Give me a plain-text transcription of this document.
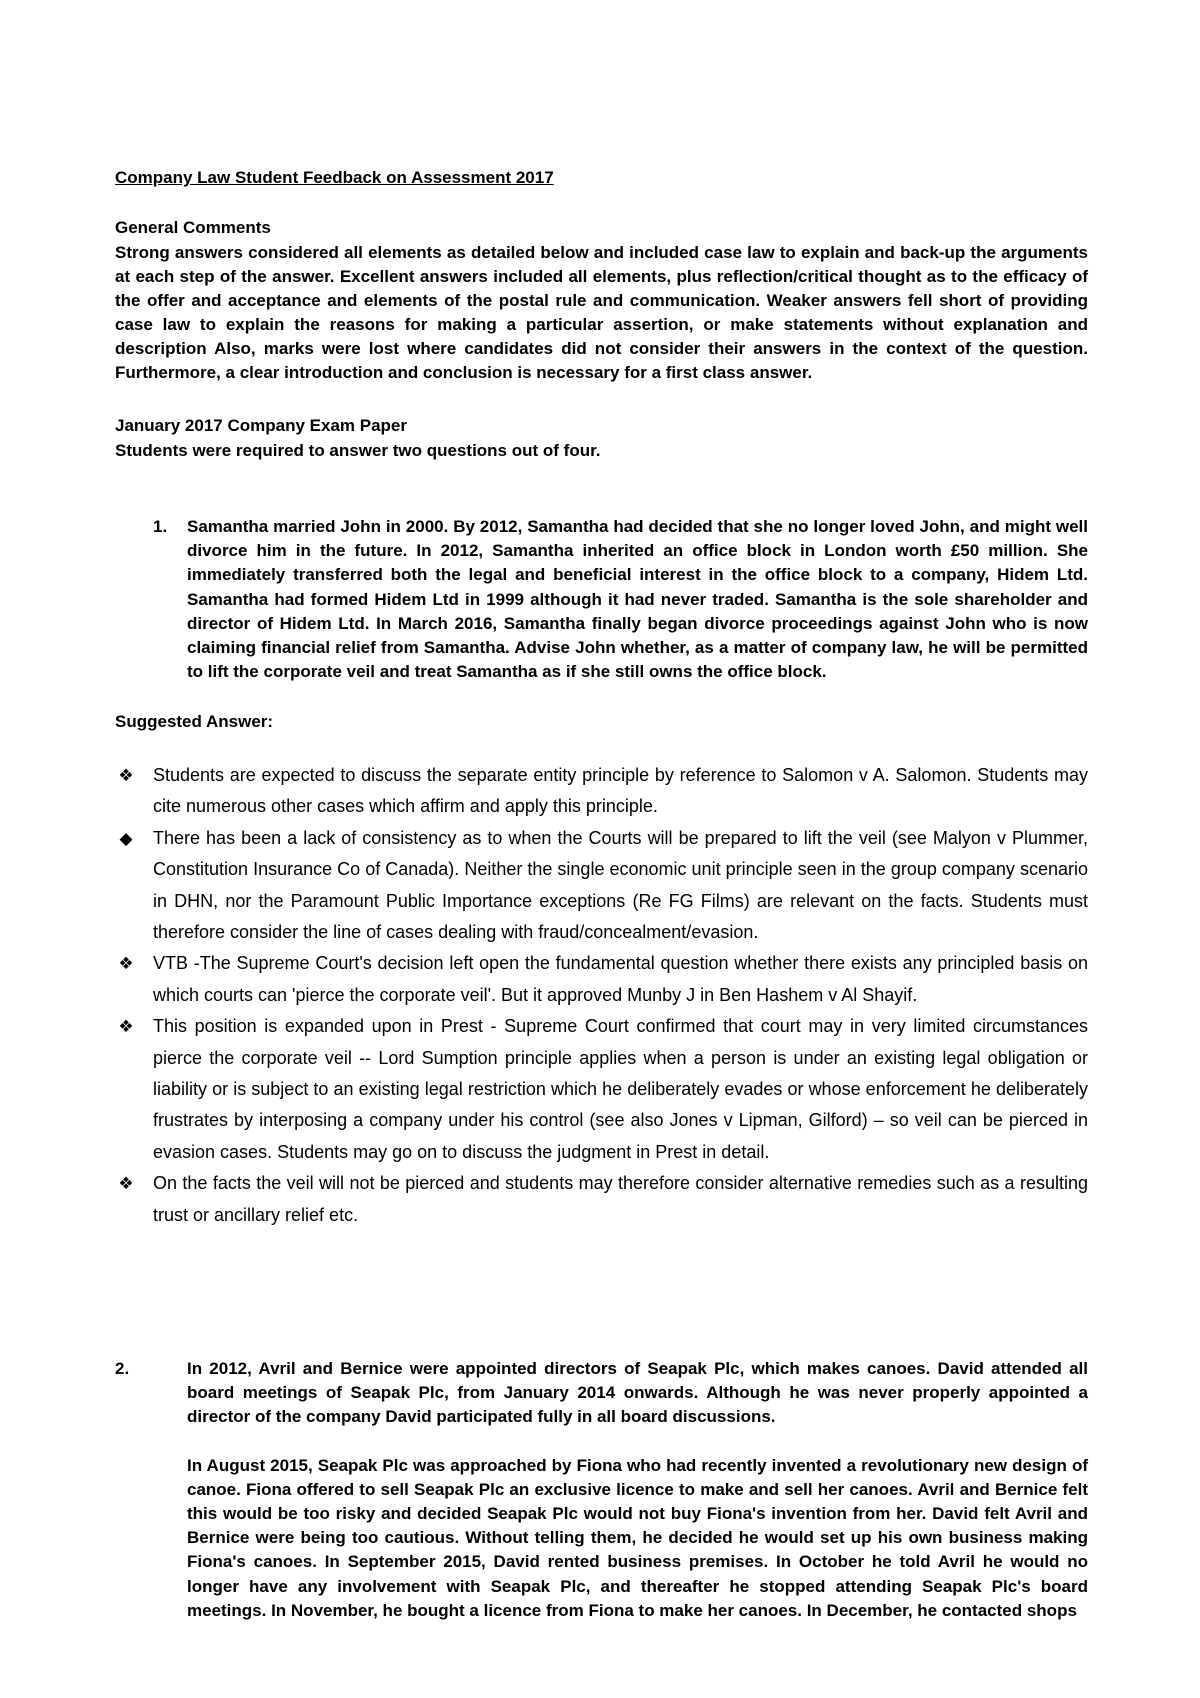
Company Law Student Feedback on Assessment 2017
General Comments
Strong answers considered all elements as detailed below and included case law to explain and back-up the arguments at each step of the answer. Excellent answers included all elements, plus reflection/critical thought as to the efficacy of the offer and acceptance and elements of the postal rule and communication. Weaker answers fell short of providing case law to explain the reasons for making a particular assertion, or make statements without explanation and description Also, marks were lost where candidates did not consider their answers in the context of the question. Furthermore, a clear introduction and conclusion is necessary for a first class answer.
January 2017 Company Exam Paper
Students were required to answer two questions out of four.
1. Samantha married John in 2000. By 2012, Samantha had decided that she no longer loved John, and might well divorce him in the future. In 2012, Samantha inherited an office block in London worth £50 million. She immediately transferred both the legal and beneficial interest in the office block to a company, Hidem Ltd. Samantha had formed Hidem Ltd in 1999 although it had never traded. Samantha is the sole shareholder and director of Hidem Ltd. In March 2016, Samantha finally began divorce proceedings against John who is now claiming financial relief from Samantha. Advise John whether, as a matter of company law, he will be permitted to lift the corporate veil and treat Samantha as if she still owns the office block.
Suggested Answer:
❖ Students are expected to discuss the separate entity principle by reference to Salomon v A. Salomon. Students may cite numerous other cases which affirm and apply this principle.
◆ There has been a lack of consistency as to when the Courts will be prepared to lift the veil (see Malyon v Plummer, Constitution Insurance Co of Canada). Neither the single economic unit principle seen in the group company scenario in DHN, nor the Paramount Public Importance exceptions (Re FG Films) are relevant on the facts. Students must therefore consider the line of cases dealing with fraud/concealment/evasion.
❖ VTB -The Supreme Court's decision left open the fundamental question whether there exists any principled basis on which courts can 'pierce the corporate veil'. But it approved Munby J in Ben Hashem v Al Shayif.
❖ This position is expanded upon in Prest - Supreme Court confirmed that court may in very limited circumstances pierce the corporate veil -- Lord Sumption principle applies when a person is under an existing legal obligation or liability or is subject to an existing legal restriction which he deliberately evades or whose enforcement he deliberately frustrates by interposing a company under his control (see also Jones v Lipman, Gilford) – so veil can be pierced in evasion cases. Students may go on to discuss the judgment in Prest in detail.
❖ On the facts the veil will not be pierced and students may therefore consider alternative remedies such as a resulting trust or ancillary relief etc.
2.	In 2012, Avril and Bernice were appointed directors of Seapak Plc, which makes canoes. David attended all board meetings of Seapak Plc, from January 2014 onwards. Although he was never properly appointed a director of the company David participated fully in all board discussions.
In August 2015, Seapak Plc was approached by Fiona who had recently invented a revolutionary new design of canoe. Fiona offered to sell Seapak Plc an exclusive licence to make and sell her canoes. Avril and Bernice felt this would be too risky and decided Seapak Plc would not buy Fiona's invention from her. David felt Avril and Bernice were being too cautious. Without telling them, he decided he would set up his own business making Fiona's canoes. In September 2015, David rented business premises. In October he told Avril he would no longer have any involvement with Seapak Plc, and thereafter he stopped attending Seapak Plc's board meetings. In November, he bought a licence from Fiona to make her canoes. In December, he contacted shops
